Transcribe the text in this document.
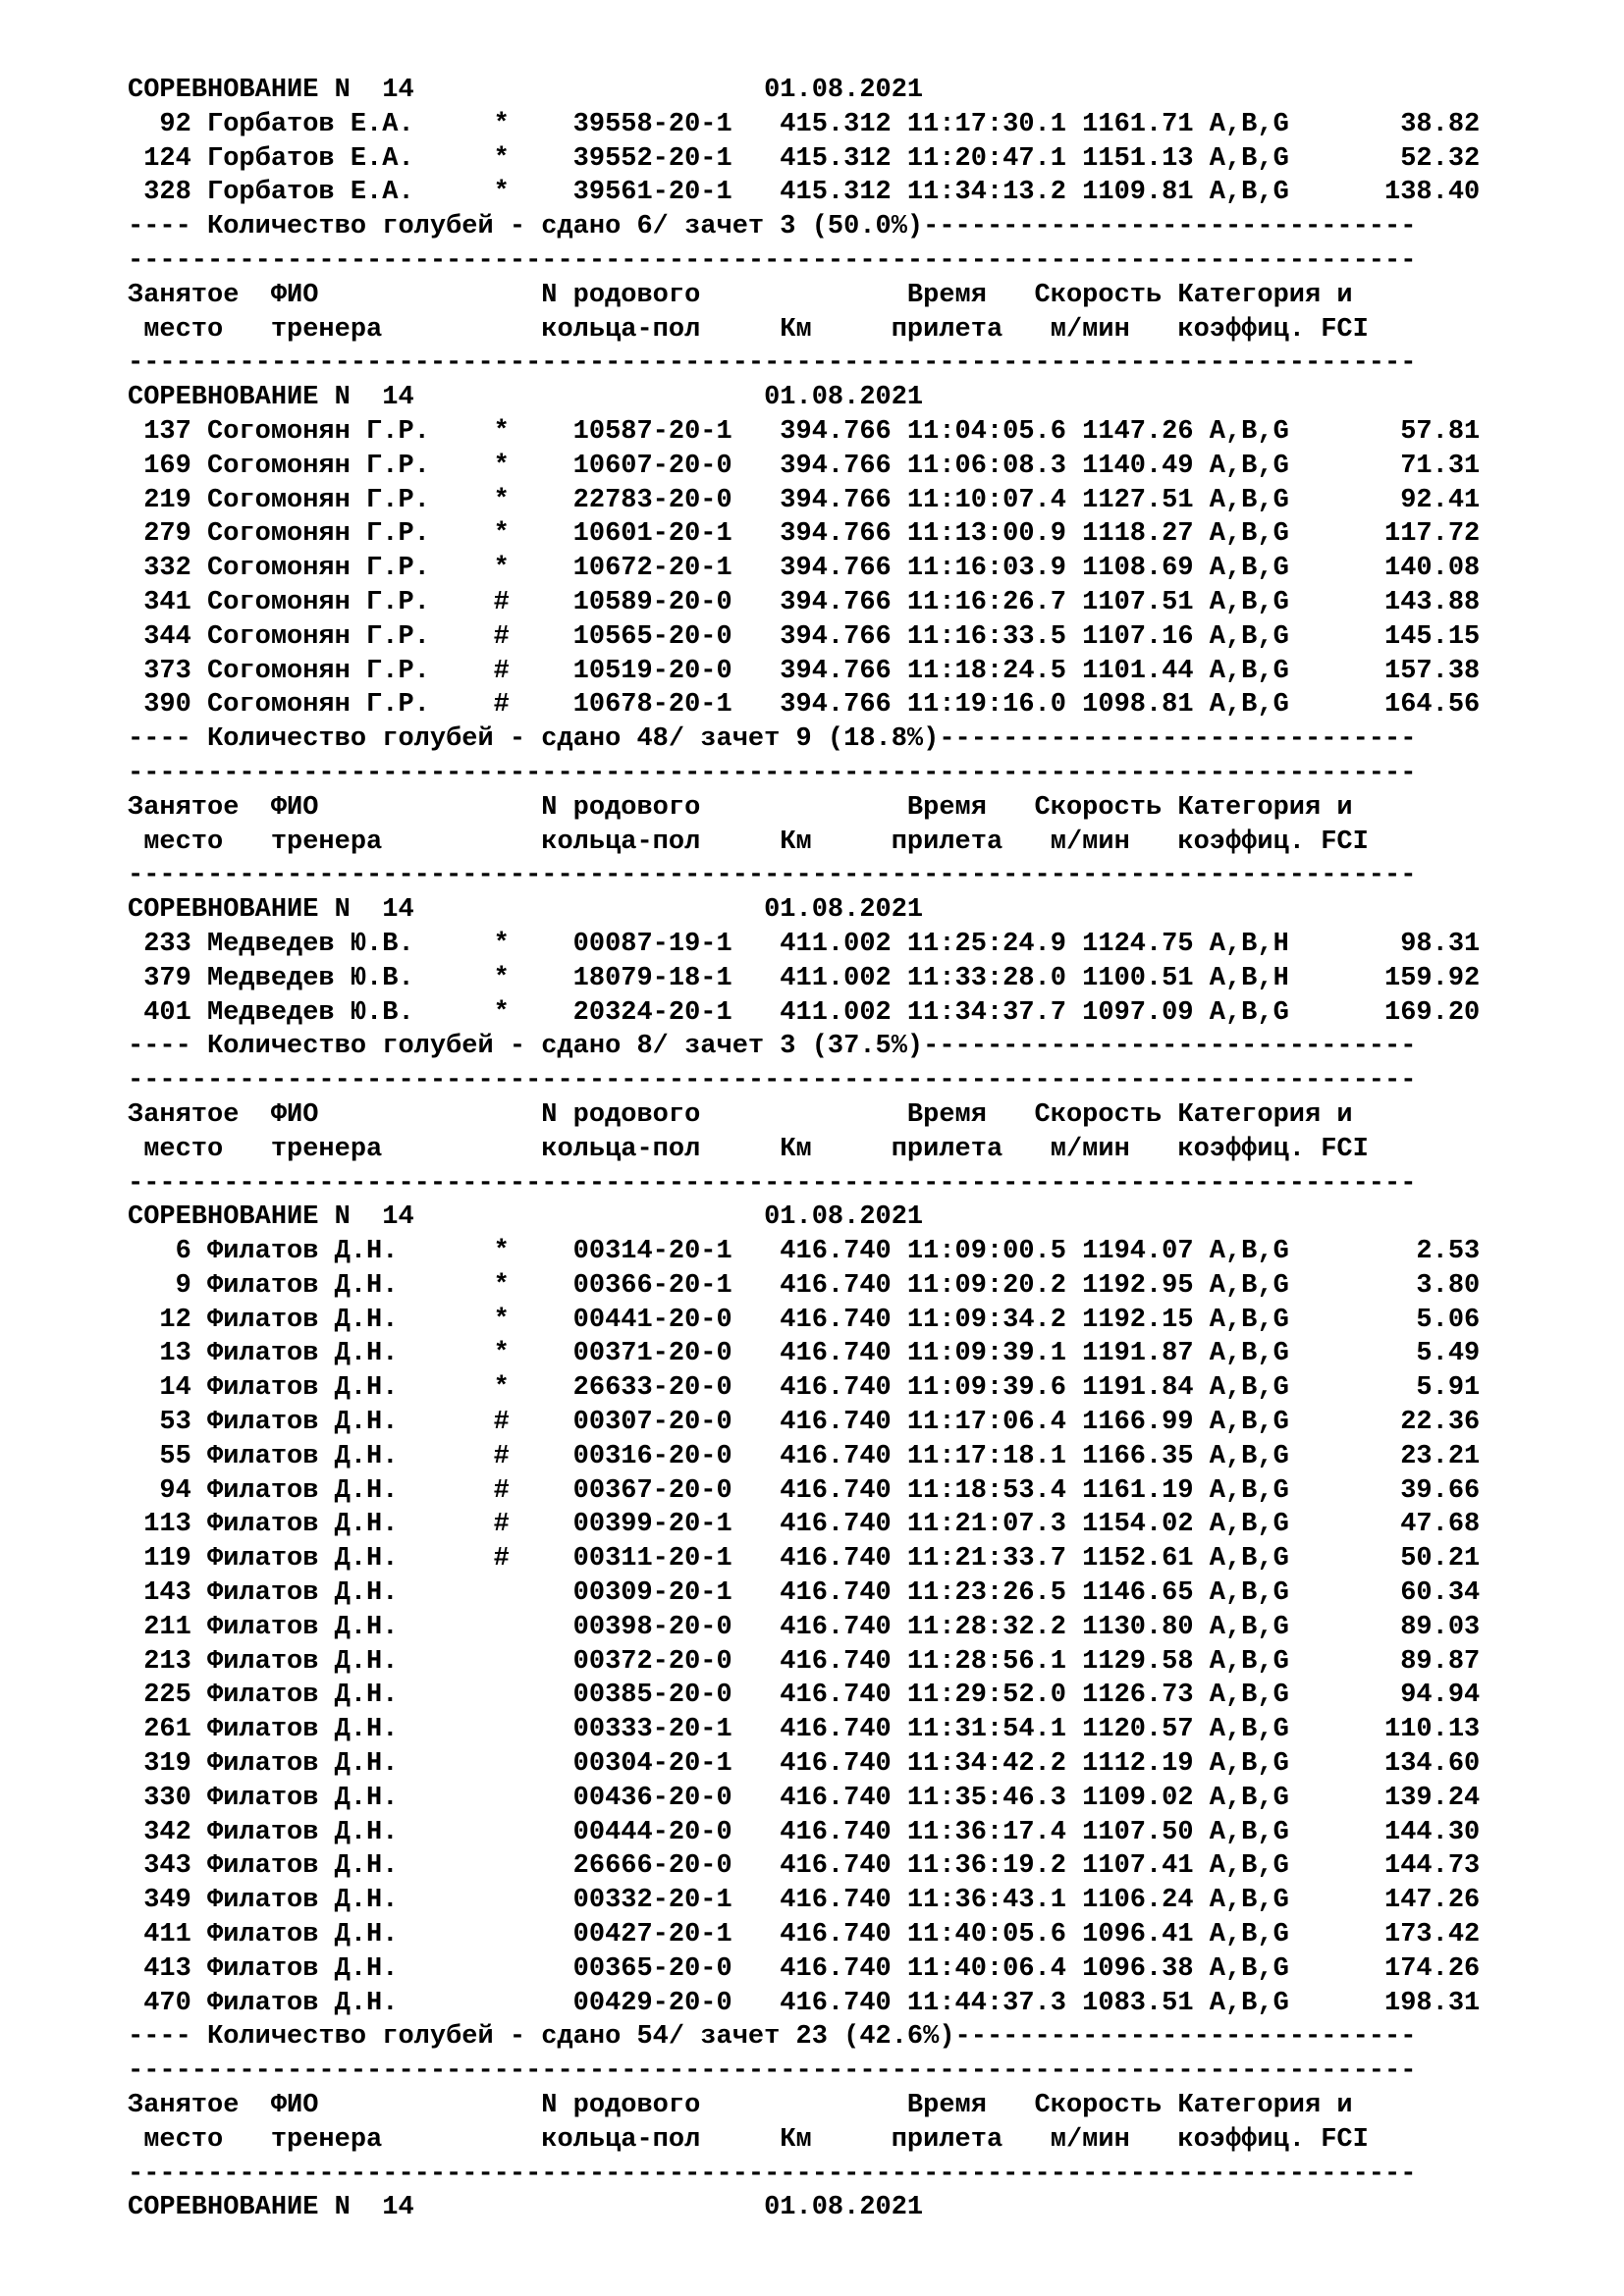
СОРЕВНОВАНИЕ N  14                      01.08.2021
92 Горбатов Е.А.     *    39558-20-1   415.312 11:17:30.1 1161.71 A,B,G       38.82
124 Горбатов Е.А.     *    39552-20-1   415.312 11:20:47.1 1151.13 A,B,G       52.32
328 Горбатов Е.А.     *    39561-20-1   415.312 11:34:13.2 1109.81 A,B,G      138.40
---- Количество голубей - сдано 6/ зачет 3 (50.0%)-------------------------------
---------------------------------------------------------------------------------
Занятое  ФИО              N родового             Время   Скорость Категория и
место   тренера          кольца-пол     Км     прилета   м/мин   коэффиц. FCI
---------------------------------------------------------------------------------
СОРЕВНОВАНИЕ N  14                      01.08.2021
137 Согомонян Г.Р.    *    10587-20-1   394.766 11:04:05.6 1147.26 A,B,G       57.81
169 Согомонян Г.Р.    *    10607-20-0   394.766 11:06:08.3 1140.49 A,B,G       71.31
219 Согомонян Г.Р.    *    22783-20-0   394.766 11:10:07.4 1127.51 A,B,G       92.41
279 Согомонян Г.Р.    *    10601-20-1   394.766 11:13:00.9 1118.27 A,B,G      117.72
332 Согомонян Г.Р.    *    10672-20-1   394.766 11:16:03.9 1108.69 A,B,G      140.08
341 Согомонян Г.Р.    #    10589-20-0   394.766 11:16:26.7 1107.51 A,B,G      143.88
344 Согомонян Г.Р.    #    10565-20-0   394.766 11:16:33.5 1107.16 A,B,G      145.15
373 Согомонян Г.Р.    #    10519-20-0   394.766 11:18:24.5 1101.44 A,B,G      157.38
390 Согомонян Г.Р.    #    10678-20-1   394.766 11:19:16.0 1098.81 A,B,G      164.56
---- Количество голубей - сдано 48/ зачет 9 (18.8%)------------------------------
---------------------------------------------------------------------------------
Занятое  ФИО              N родового             Время   Скорость Категория и
место   тренера          кольца-пол     Км     прилета   м/мин   коэффиц. FCI
---------------------------------------------------------------------------------
СОРЕВНОВАНИЕ N  14                      01.08.2021
233 Медведев Ю.В.     *    00087-19-1   411.002 11:25:24.9 1124.75 A,B,H       98.31
379 Медведев Ю.В.     *    18079-18-1   411.002 11:33:28.0 1100.51 A,B,H      159.92
401 Медведев Ю.В.     *    20324-20-1   411.002 11:34:37.7 1097.09 A,B,G      169.20
---- Количество голубей - сдано 8/ зачет 3 (37.5%)-------------------------------
---------------------------------------------------------------------------------
Занятое  ФИО              N родового             Время   Скорость Категория и
место   тренера          кольца-пол     Км     прилета   м/мин   коэффиц. FCI
---------------------------------------------------------------------------------
СОРЕВНОВАНИЕ N  14                      01.08.2021
6 Филатов Д.Н.      *    00314-20-1   416.740 11:09:00.5 1194.07 A,B,G        2.53
9 Филатов Д.Н.      *    00366-20-1   416.740 11:09:20.2 1192.95 A,B,G        3.80
12 Филатов Д.Н.      *    00441-20-0   416.740 11:09:34.2 1192.15 A,B,G        5.06
13 Филатов Д.Н.      *    00371-20-0   416.740 11:09:39.1 1191.87 A,B,G        5.49
14 Филатов Д.Н.      *    26633-20-0   416.740 11:09:39.6 1191.84 A,B,G        5.91
53 Филатов Д.Н.      #    00307-20-0   416.740 11:17:06.4 1166.99 A,B,G       22.36
55 Филатов Д.Н.      #    00316-20-0   416.740 11:17:18.1 1166.35 A,B,G       23.21
94 Филатов Д.Н.      #    00367-20-0   416.740 11:18:53.4 1161.19 A,B,G       39.66
113 Филатов Д.Н.      #    00399-20-1   416.740 11:21:07.3 1154.02 A,B,G       47.68
119 Филатов Д.Н.      #    00311-20-1   416.740 11:21:33.7 1152.61 A,B,G       50.21
143 Филатов Д.Н.           00309-20-1   416.740 11:23:26.5 1146.65 A,B,G       60.34
211 Филатов Д.Н.           00398-20-0   416.740 11:28:32.2 1130.80 A,B,G       89.03
213 Филатов Д.Н.           00372-20-0   416.740 11:28:56.1 1129.58 A,B,G       89.87
225 Филатов Д.Н.           00385-20-0   416.740 11:29:52.0 1126.73 A,B,G       94.94
261 Филатов Д.Н.           00333-20-1   416.740 11:31:54.1 1120.57 A,B,G      110.13
319 Филатов Д.Н.           00304-20-1   416.740 11:34:42.2 1112.19 A,B,G      134.60
330 Филатов Д.Н.           00436-20-0   416.740 11:35:46.3 1109.02 A,B,G      139.24
342 Филатов Д.Н.           00444-20-0   416.740 11:36:17.4 1107.50 A,B,G      144.30
343 Филатов Д.Н.           26666-20-0   416.740 11:36:19.2 1107.41 A,B,G      144.73
349 Филатов Д.Н.           00332-20-1   416.740 11:36:43.1 1106.24 A,B,G      147.26
411 Филатов Д.Н.           00427-20-1   416.740 11:40:05.6 1096.41 A,B,G      173.42
413 Филатов Д.Н.           00365-20-0   416.740 11:40:06.4 1096.38 A,B,G      174.26
470 Филатов Д.Н.           00429-20-0   416.740 11:44:37.3 1083.51 A,B,G      198.31
---- Количество голубей - сдано 54/ зачет 23 (42.6%)-----------------------------
---------------------------------------------------------------------------------
Занятое  ФИО              N родового             Время   Скорость Категория и
место   тренера          кольца-пол     Км     прилета   м/мин   коэффиц. FCI
---------------------------------------------------------------------------------
СОРЕВНОВАНИЕ N  14                      01.08.2021
